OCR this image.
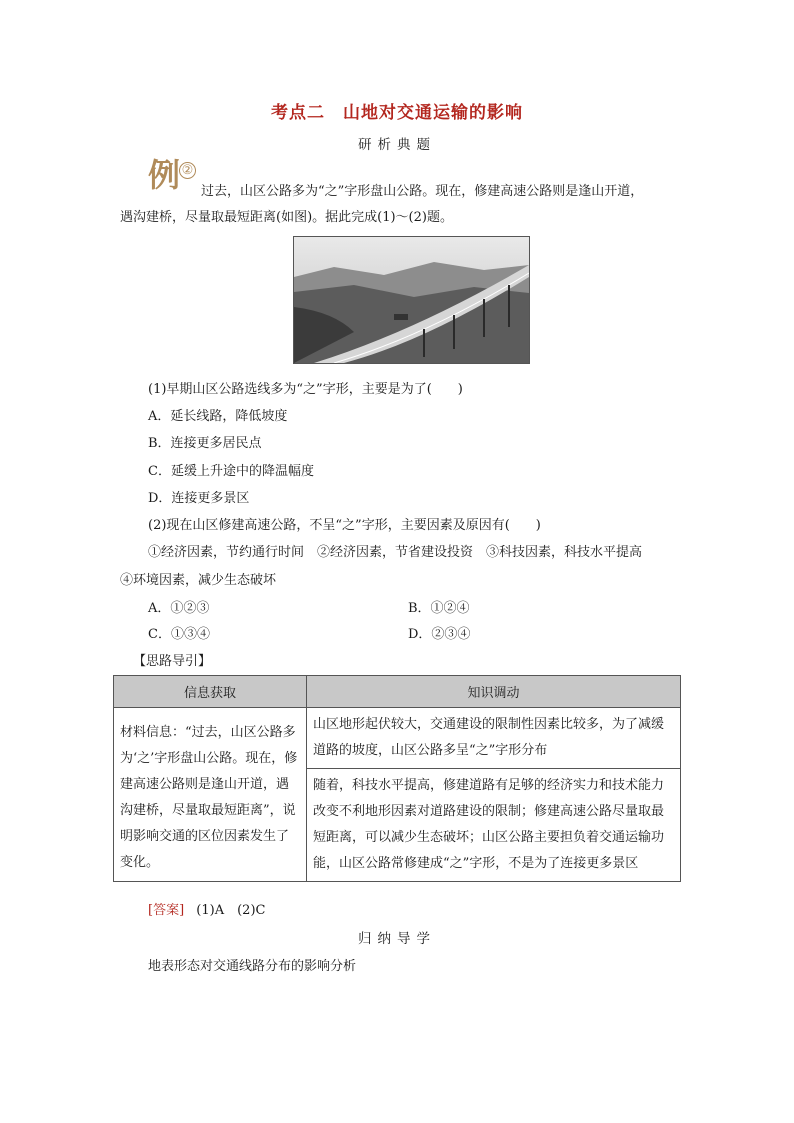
考点二　山地对交通运输的影响
研析典题
例 ②
过去，山区公路多为“之”字形盘山公路。现在，修建高速公路则是逢山开道，
遇沟建桥，尽量取最短距离(如图)。据此完成(1)～(2)题。
(1)早期山区公路选线多为“之”字形，主要是为了(　　)
A．延长线路，降低坡度
B．连接更多居民点
C．延缓上升途中的降温幅度
D．连接更多景区
(2)现在山区修建高速公路，不呈“之”字形，主要因素及原因有(　　)
①经济因素，节约通行时间　②经济因素，节省建设投资　③科技因素，科技水平提高
④环境因素，减少生态破坏
A．①②③	B．①②④
C．①③④	D．②③④
【思路导引】
信息获取	知识调动
材料信息：“过去，山区公路多为‘之’字形盘山公路。现在，修建高速公路则是逢山开道，遇沟建桥，尽量取最短距离”，说明影响交通的区位因素发生了变化。	山区地形起伏较大，交通建设的限制性因素比较多，为了减缓道路的坡度，山区公路多呈“之”字形分布
	随着，科技水平提高，修建道路有足够的经济实力和技术能力改变不利地形因素对道路建设的限制；修建高速公路尽量取最短距离，可以减少生态破坏；山区公路主要担负着交通运输功能，山区公路常修建成“之”字形，不是为了连接更多景区
[答案] (1)A　(2)C
归纳导学
地表形态对交通线路分布的影响分析
